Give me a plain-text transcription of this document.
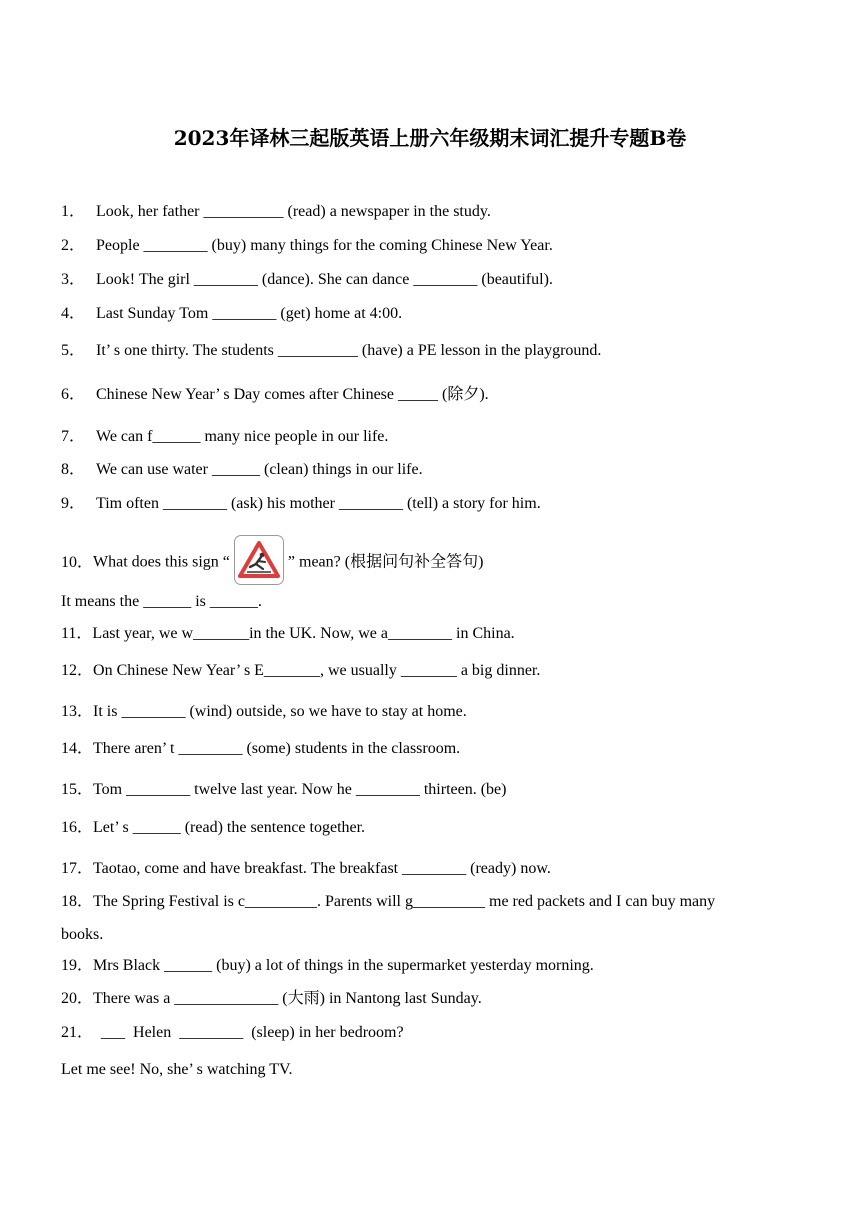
2023年译林三起版英语上册六年级期末词汇提升专题B卷
1． Look, her father __________ (read) a newspaper in the study.
2． People ________ (buy) many things for the coming Chinese New Year.
3． Look! The girl ________ (dance). She can dance ________ (beautiful).
4． Last Sunday Tom ________ (get) home at 4:00.
5． It’ s one thirty. The students __________ (have) a PE lesson in the playground.
6． Chinese New Year’ s Day comes after Chinese _____ (除夕).
7． We can f______ many nice people in our life.
8． We can use water ______ (clean) things in our life.
9． Tim often ________ (ask) his mother ________ (tell) a story for him.
10．What does this sign “	” mean? (根据问句补全答句)
It means the ______ is ______.
11．Last year, we w_______in the UK. Now, we a________ in China.
12．On Chinese New Year’ s E_______, we usually _______ a big dinner.
13．It is ________ (wind) outside, so we have to stay at home.
14．There aren’ t ________ (some) students in the classroom.
15．Tom ________ twelve last year. Now he ________ thirteen. (be)
16．Let’ s ______ (read) the sentence together.
17．Taotao, come and have breakfast. The breakfast ________ (ready) now.
18．The Spring Festival is c_________. Parents will g_________ me red packets and I can buy many
books.
19．Mrs Black ______ (buy) a lot of things in the supermarket yesterday morning.
20．There was a _____________ (大雨) in Nantong last Sunday.
21．  ___  Helen  ________  (sleep) in her bedroom?
Let me see! No, she’ s watching TV.
